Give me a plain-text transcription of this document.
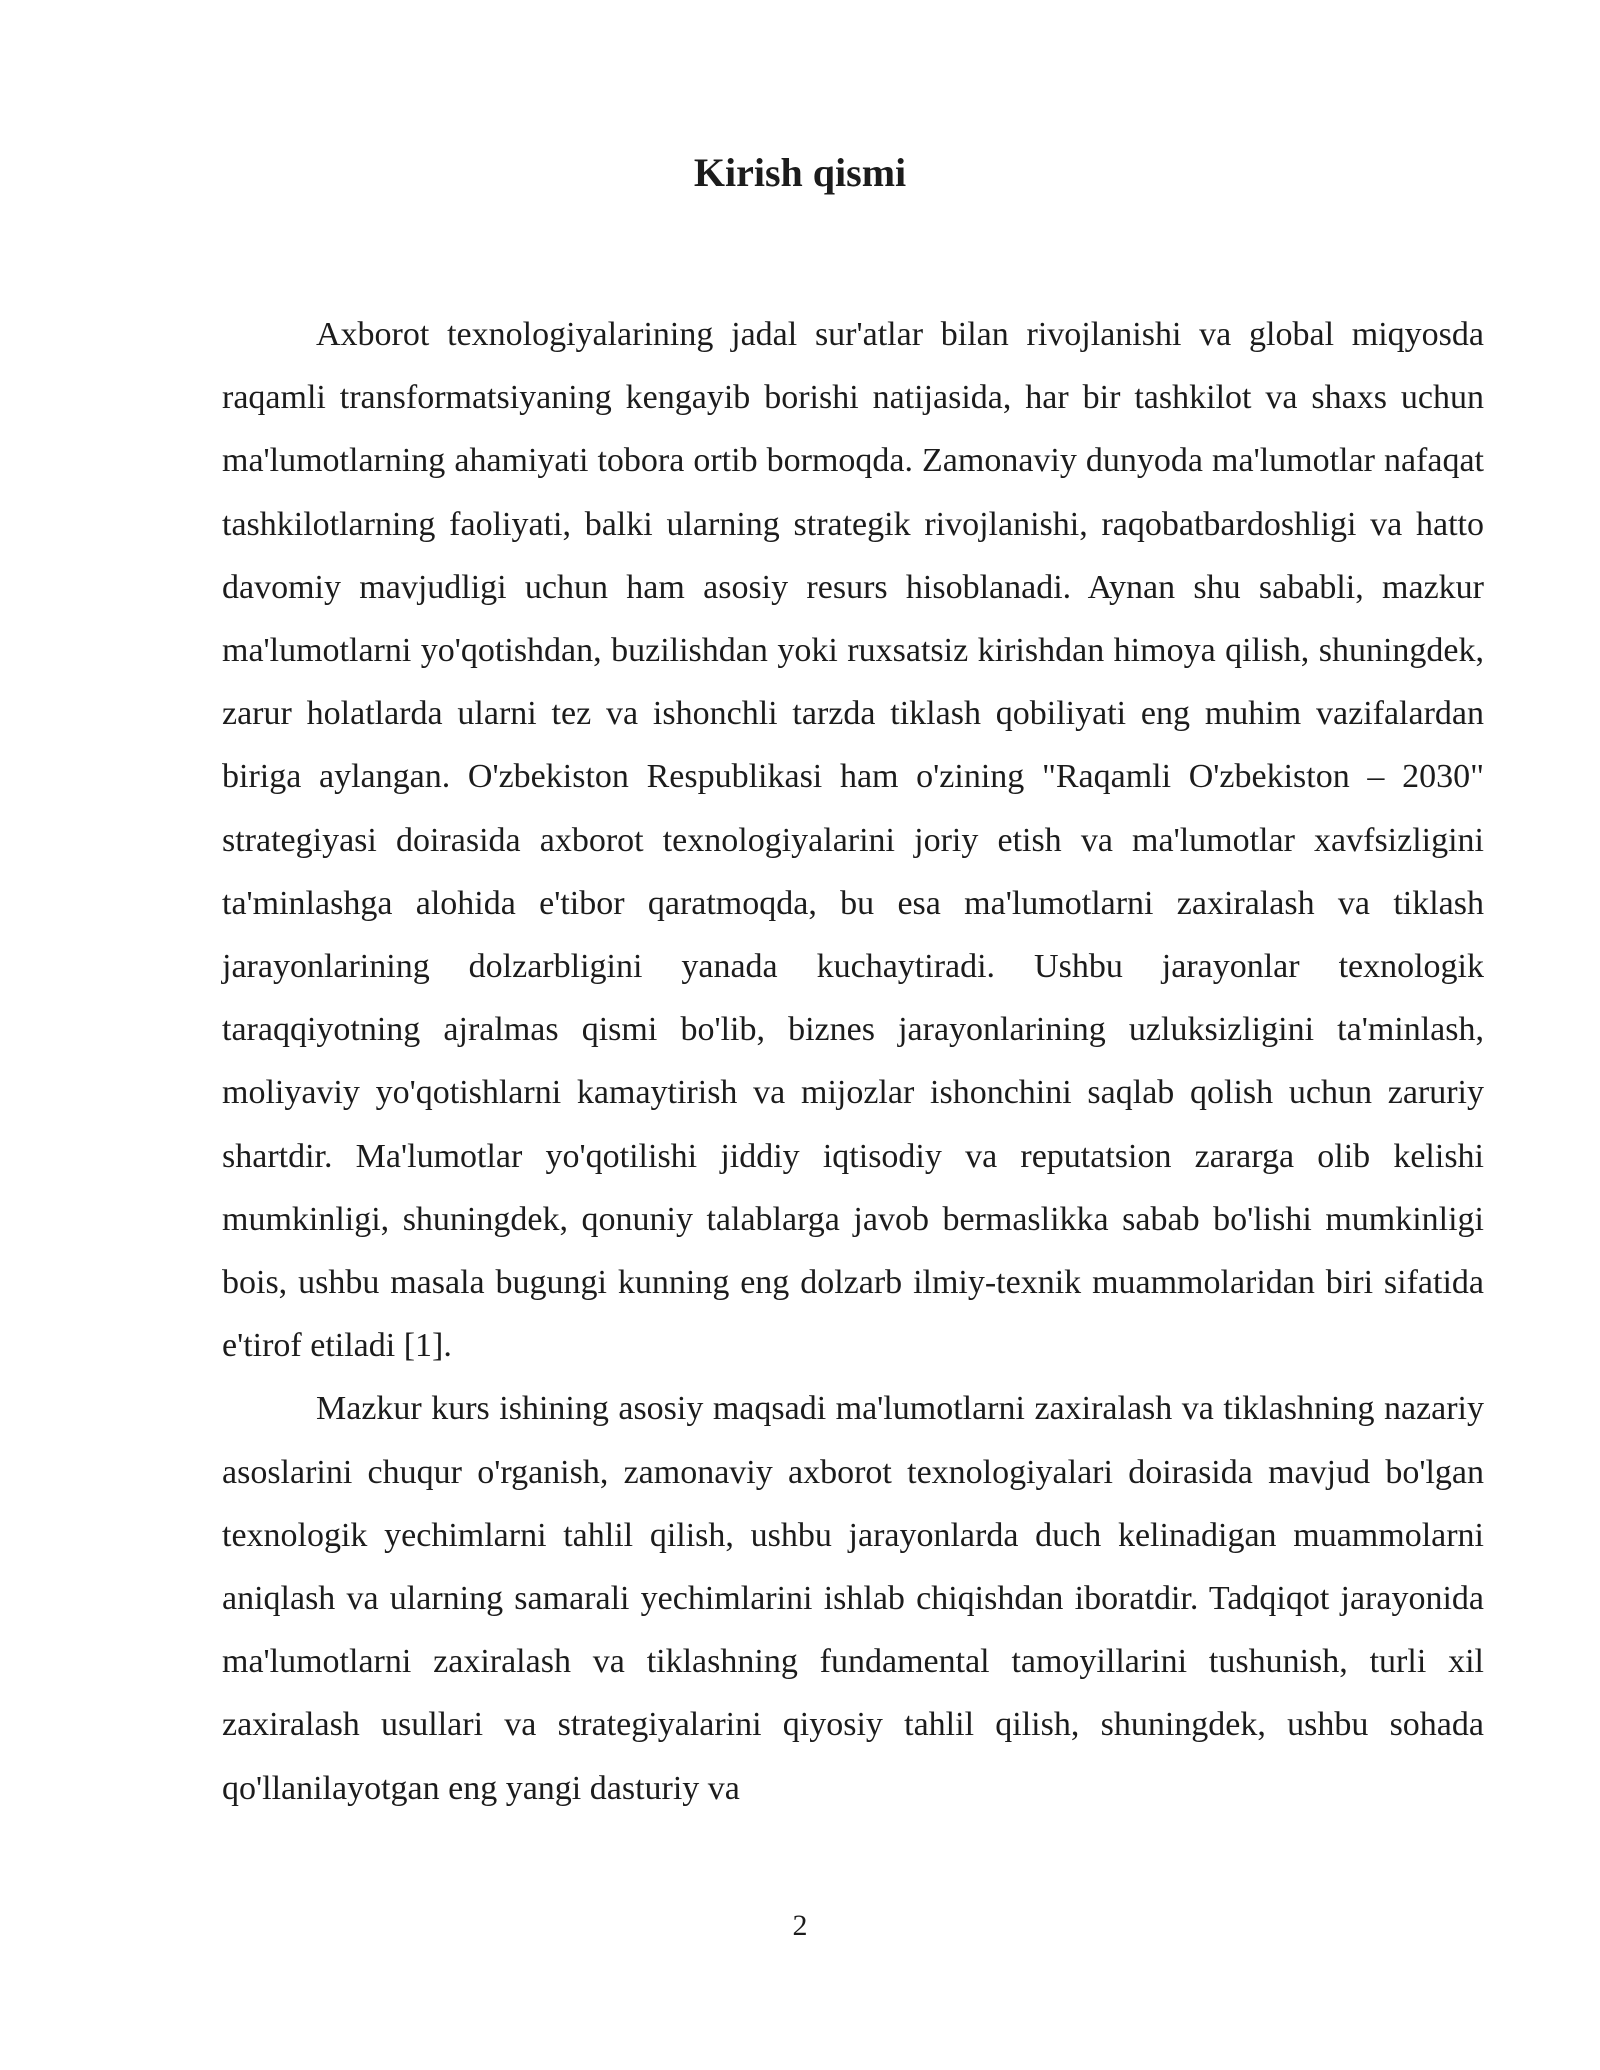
Kirish qismi

Axborot texnologiyalarining jadal sur'atlar bilan rivojlanishi va global miqyosda raqamli transformatsiyaning kengayib borishi natijasida, har bir tashkilot va shaxs uchun ma'lumotlarning ahamiyati tobora ortib bormoqda. Zamonaviy dunyoda ma'lumotlar nafaqat tashkilotlarning faoliyati, balki ularning strategik rivojlanishi, raqobatbardoshligi va hatto davomiy mavjudligi uchun ham asosiy resurs hisoblanadi. Aynan shu sababli, mazkur ma'lumotlarni yo'qotishdan, buzilishdan yoki ruxsatsiz kirishdan himoya qilish, shuningdek, zarur holatlarda ularni tez va ishonchli tarzda tiklash qobiliyati eng muhim vazifalardan biriga aylangan. O'zbekiston Respublikasi ham o'zining "Raqamli O'zbekiston – 2030" strategiyasi doirasida axborot texnologiyalarini joriy etish va ma'lumotlar xavfsizligini ta'minlashga alohida e'tibor qaratmoqda, bu esa ma'lumotlarni zaxiralash va tiklash jarayonlarining dolzarbligini yanada kuchaytiradi. Ushbu jarayonlar texnologik taraqqiyotning ajralmas qismi bo'lib, biznes jarayonlarining uzluksizligini ta'minlash, moliyaviy yo'qotishlarni kamaytirish va mijozlar ishonchini saqlab qolish uchun zaruriy shartdir. Ma'lumotlar yo'qotilishi jiddiy iqtisodiy va reputatsion zararga olib kelishi mumkinligi, shuningdek, qonuniy talablarga javob bermaslikka sabab bo'lishi mumkinligi bois, ushbu masala bugungi kunning eng dolzarb ilmiy-texnik muammolaridan biri sifatida e'tirof etiladi [1].

Mazkur kurs ishining asosiy maqsadi ma'lumotlarni zaxiralash va tiklashning nazariy asoslarini chuqur o'rganish, zamonaviy axborot texnologiyalari doirasida mavjud bo'lgan texnologik yechimlarni tahlil qilish, ushbu jarayonlarda duch kelinadigan muammolarni aniqlash va ularning samarali yechimlarini ishlab chiqishdan iboratdir. Tadqiqot jarayonida ma'lumotlarni zaxiralash va tiklashning fundamental tamoyillarini tushunish, turli xil zaxiralash usullari va strategiyalarini qiyosiy tahlil qilish, shuningdek, ushbu sohada qo'llanilayotgan eng yangi dasturiy va

2
